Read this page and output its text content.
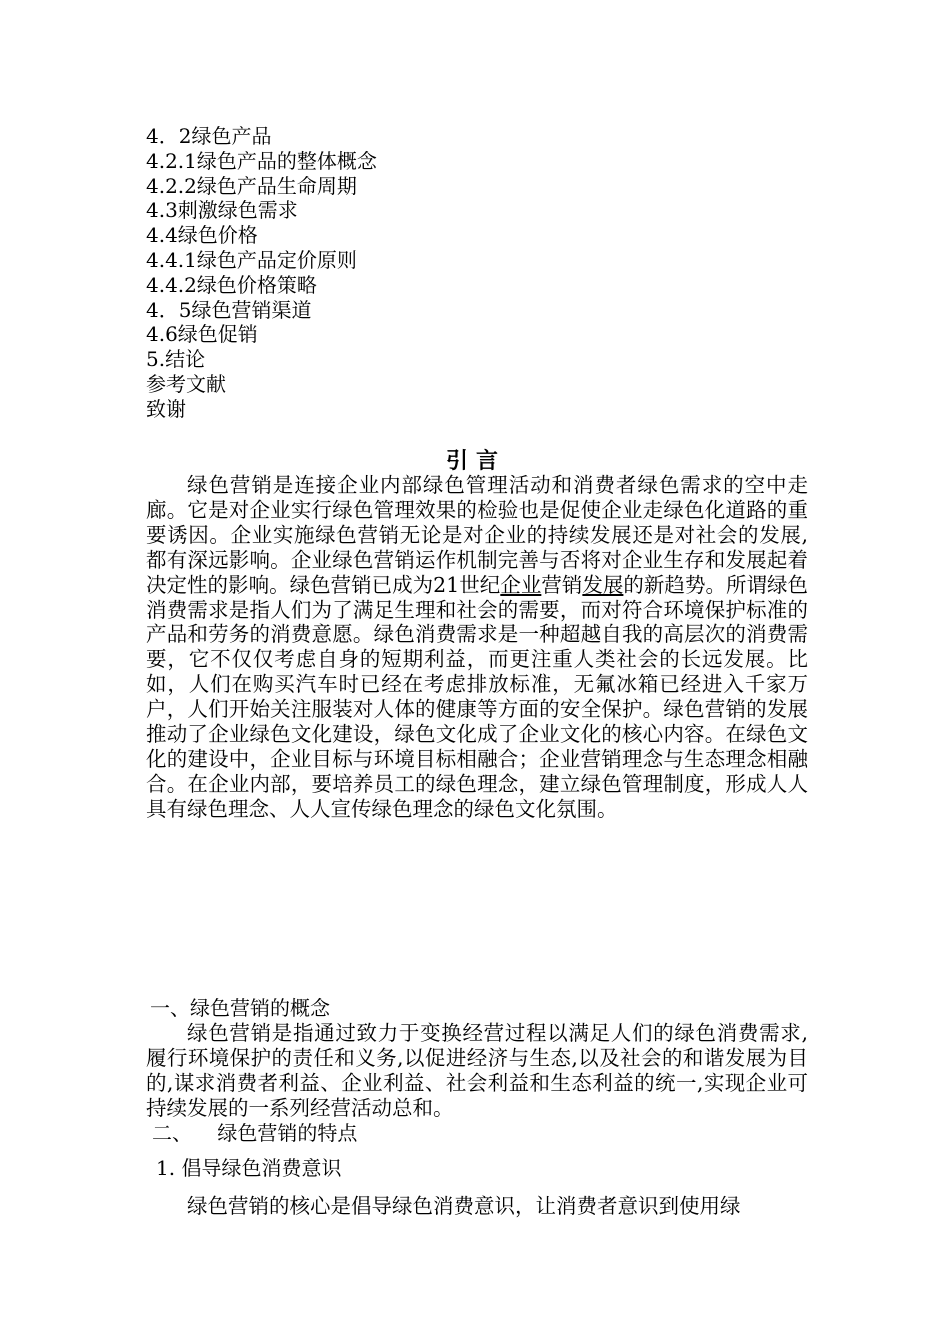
4．2绿色产品
4.2.1绿色产品的整体概念
4.2.2绿色产品生命周期
4.3刺激绿色需求
4.4绿色价格
4.4.1绿色产品定价原则
4.4.2绿色价格策略
4．5绿色营销渠道
4.6绿色促销
5.结论
参考文献
致谢
引言
绿色营销是连接企业内部绿色管理活动和消费者绿色需求的空中走廊。它是对企业实行绿色管理效果的检验也是促使企业走绿色化道路的重要诱因。企业实施绿色营销无论是对企业的持续发展还是对社会的发展,都有深远影响。企业绿色营销运作机制完善与否将对企业生存和发展起着决定性的影响。绿色营销已成为21世纪企业营销发展的新趋势。所谓绿色消费需求是指人们为了满足生理和社会的需要，而对符合环境保护标准的产品和劳务的消费意愿。绿色消费需求是一种超越自我的高层次的消费需要，它不仅仅考虑自身的短期利益，而更注重人类社会的长远发展。比如，人们在购买汽车时已经在考虑排放标准，无氟冰箱已经进入千家万户，人们开始关注服装对人体的健康等方面的安全保护。绿色营销的发展推动了企业绿色文化建设，绿色文化成了企业文化的核心内容。在绿色文化的建设中，企业目标与环境目标相融合；企业营销理念与生态理念相融合。在企业内部，要培养员工的绿色理念，建立绿色管理制度，形成人人具有绿色理念、人人宣传绿色理念的绿色文化氛围。
一、绿色营销的概念
绿色营销是指通过致力于变换经营过程以满足人们的绿色消费需求,履行环境保护的责任和义务,以促进经济与生态,以及社会的和谐发展为目的,谋求消费者利益、企业利益、社会利益和生态利益的统一,实现企业可持续发展的一系列经营活动总和。
二、    绿色营销的特点
1. 倡导绿色消费意识
绿色营销的核心是倡导绿色消费意识，让消费者意识到使用绿
